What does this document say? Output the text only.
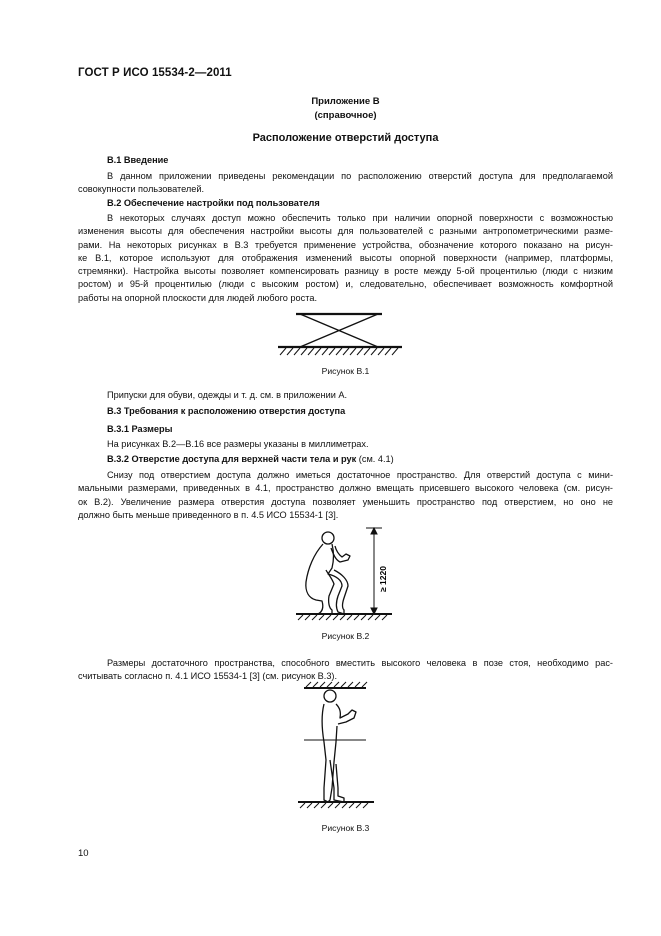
ГОСТ Р ИСО 15534-2—2011
Приложение В
(справочное)
Расположение отверстий доступа
В.1 Введение
В данном приложении приведены рекомендации по расположению отверстий доступа для предполагаемой
совокупности пользователей.
В.2 Обеспечение настройки под пользователя
В некоторых случаях доступ можно обеспечить только при наличии опорной поверхности с возможностью
изменения высоты для обеспечения настройки высоты для пользователей с разными антропометрическими разме-
рами. На некоторых рисунках в В.3 требуется применение устройства, обозначение которого показано на рисун-
ке В.1, которое используют для отображения изменений высоты опорной поверхности (например, платформы,
стремянки). Настройка высоты позволяет компенсировать разницу в росте между 5-ой процентилью (люди с низким
ростом) и 95-й процентилью (люди с высоким ростом) и, следовательно, обеспечивает возможность комфортной
работы на опорной плоскости для людей любого роста.
Рисунок В.1
Припуски для обуви, одежды и т. д. см. в приложении А.
В.3 Требования к расположению отверстия доступа
В.3.1 Размеры
На рисунках В.2—В.16 все размеры указаны в миллиметрах.
В.3.2 Отверстие доступа для верхней части тела и рук (см. 4.1)
Снизу под отверстием доступа должно иметься достаточное пространство. Для отверстий доступа с мини-
мальными размерами, приведенных в 4.1, пространство должно вмещать присевшего высокого человека (см. рисун-
ок В.2). Увеличение размера отверстия доступа позволяет уменьшить пространство под отверстием, но оно не
должно быть меньше приведенного в п. 4.5 ИСО 15534-1 [3].
≥ 1220
Рисунок В.2
Размеры достаточного пространства, способного вместить высокого человека в позе стоя, необходимо рас-
считывать согласно п. 4.1 ИСО 15534-1 [3] (см. рисунок В.3).
Рисунок В.3
10
